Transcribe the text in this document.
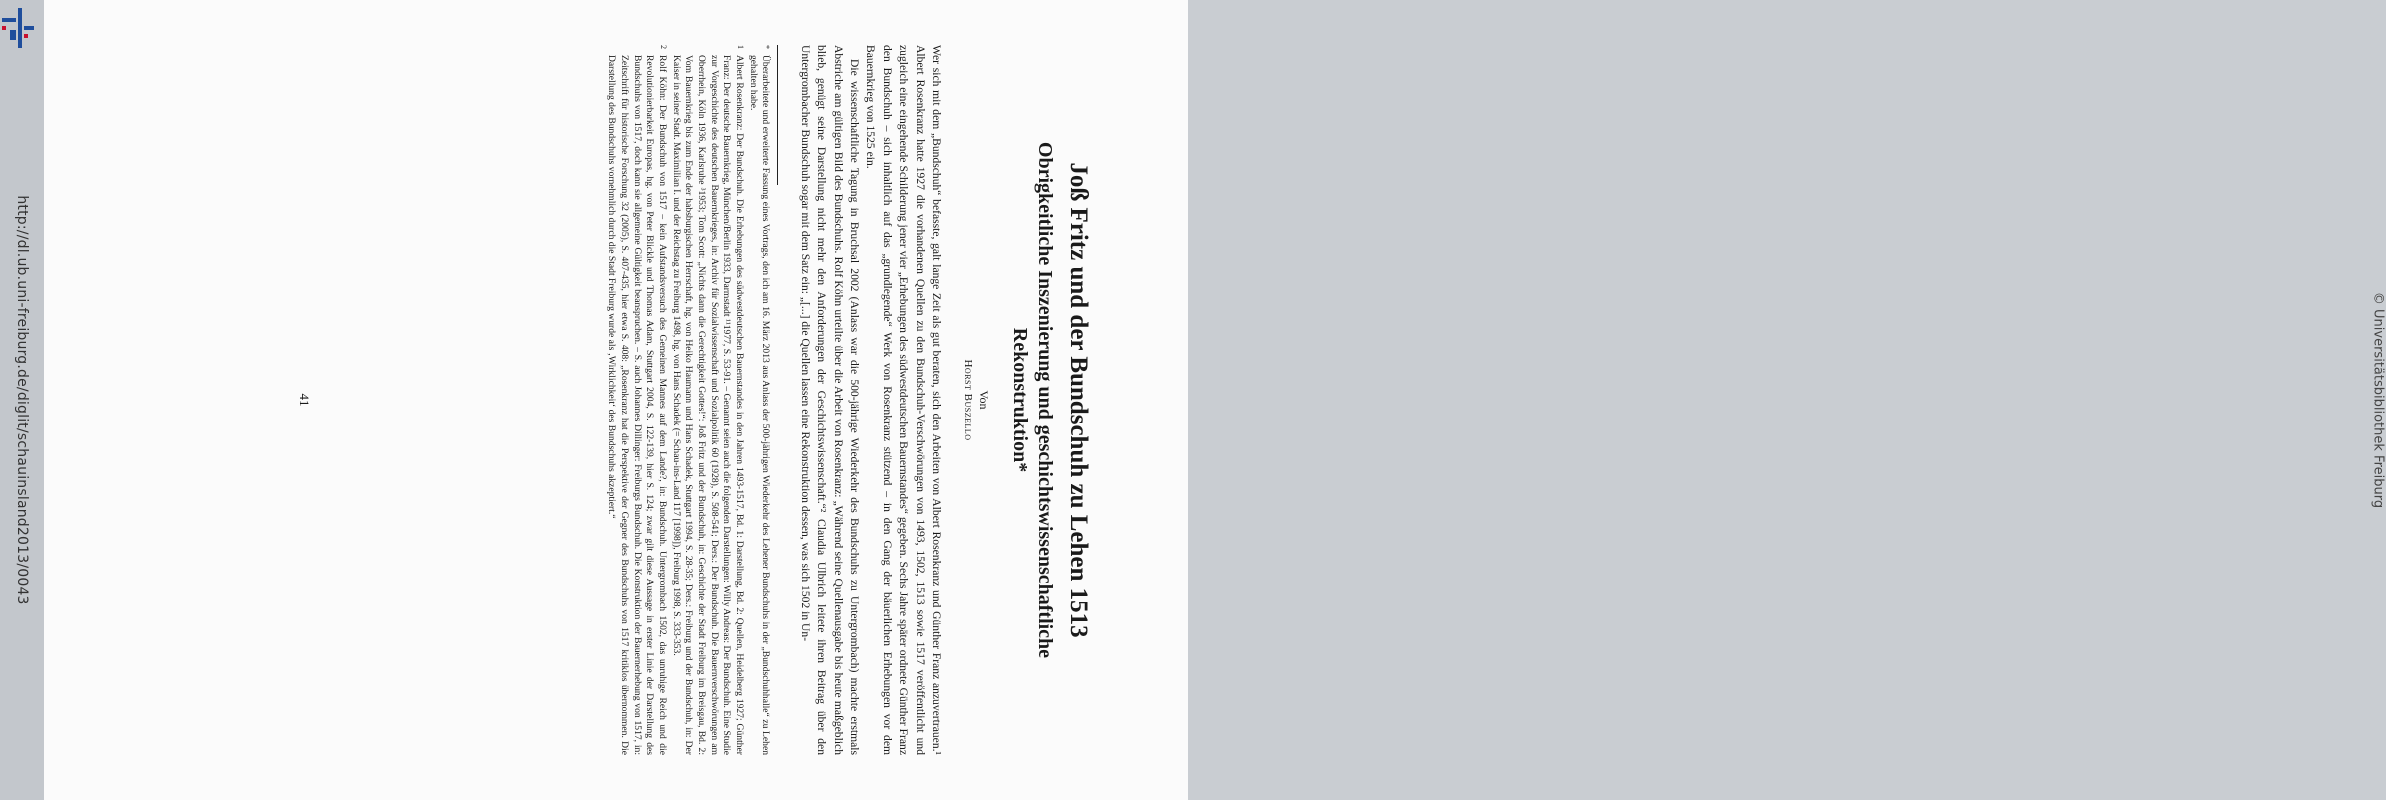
http://dl.ub.uni-freiburg.de/diglit/schauinsland2013/0043	© Universitätsbibliothek Freiburg
Joß Fritz und der Bundschuh zu Lehen 1513
Obrigkeitliche Inszenierung und geschichtswissenschaftliche
Rekonstruktion*
Von
Horst Buszello

Wer sich mit dem „Bundschuh“ befasste, galt lange Zeit als gut beraten, sich den Arbeiten von Albert Rosenkranz und Günther Franz anzuvertrauen.¹ Albert Rosenkranz hatte 1927 die vorhandenen Quellen zu den Bundschuh-Verschwörungen von 1493, 1502, 1513 sowie 1517 veröffentlicht und zugleich eine eingehende Schilderung jener vier „Erhebungen des südwestdeutschen Bauernstandes“ gegeben. Sechs Jahre später ordnete Günther Franz den Bundschuh – sich inhaltlich auf das „grundlegende“ Werk von Rosenkranz stützend – in den Gang der bäuerlichen Erhebungen vor dem Bauernkrieg von 1525 ein.

Die wissenschaftliche Tagung in Bruchsal 2002 (Anlass war die 500-jährige Wiederkehr des Bundschuhs zu Untergrombach) machte erstmals Abstriche am gültigen Bild des Bundschuhs. Rolf Köhn urteilte über die Arbeit von Rosenkranz: „Während seine Quellenausgabe bis heute maßgeblich blieb, genügt seine Darstellung nicht mehr den Anforderungen der Geschichtswissenschaft.“² Claudia Ulbrich leitete ihren Beitrag über den Untergrombacher Bundschuh sogar mit dem Satz ein: „[...] die Quellen lassen eine Rekonstruktion dessen, was sich 1502 in Un-

*
Überarbeitete und erweiterte Fassung eines Vortrags, den ich am 16. März 2013 aus Anlass der 500-jährigen Wiederkehr des Lehener Bundschuhs in der „Bundschuhhalle“ zu Lehen gehalten habe.
1
Albert Rosenkranz: Der Bundschuh. Die Erhebungen des südwestdeutschen Bauernstandes in den Jahren 1493-1517, Bd. 1: Darstellung, Bd. 2: Quellen, Heidelberg 1927; Günther Franz: Der deutsche Bauernkrieg, München/Berlin 1933, Darmstadt ¹¹1977, S. 53-91. – Genannt seien auch die folgenden Darstellungen: Willy Andreas: Der Bundschuh. Eine Studie zur Vorgeschichte des deutschen Bauernkrieges, in: Archiv für Sozialwissenschaft und Sozialpolitik 60 (1928), S. 508-541; Ders.: Der Bundschuh. Die Bauernverschwörungen am Oberrhein, Köln 1936, Karlsruhe ³1953; Tom Scott: „Nichts dann die Gerechtigkeit Gottes!“: Joß Fritz und der Bundschuh, in: Geschichte der Stadt Freiburg im Breisgau, Bd. 2: Vom Bauernkrieg bis zum Ende der habsburgischen Herrschaft, hg. von Heiko Haumann und Hans Schadek, Stuttgart 1994, S. 28-35; Ders.: Freiburg und der Bundschuh, in: Der Kaiser in seiner Stadt. Maximilian I. und der Reichstag zu Freiburg 1498, hg. von Hans Schadek (= Schau-ins-Land 117 [1998]), Freiburg 1998, S. 333-353.
2
Rolf Köhn: Der Bundschuh von 1517 – kein Aufstandsversuch des Gemeinen Mannes auf dem Lande?, in: Bundschuh. Untergrombach 1502, das unruhige Reich und die Revolutionierbarkeit Europas, hg. von Peter Blickle und Thomas Adam, Stuttgart 2004, S. 122-139, hier S. 124; zwar gilt diese Aussage in erster Linie der Darstellung des Bundschuhs von 1517, doch kann sie allgemeine Gültigkeit beanspruchen. – S. auch Johannes Dillinger: Freiburgs Bundschuh. Die Konstruktion der Bauernerhebung von 1517, in: Zeitschrift für historische Forschung 32 (2005), S. 407-435, hier etwa S. 408: „Rosenkranz hat die Perspektive der Gegner des Bundschuhs von 1517 kritiklos übernommen. Die Darstellung des Bundschuhs vornehmlich durch die Stadt Freiburg wurde als ‚Wirklichkeit‘ des Bundschuhs akzeptiert.“
41
